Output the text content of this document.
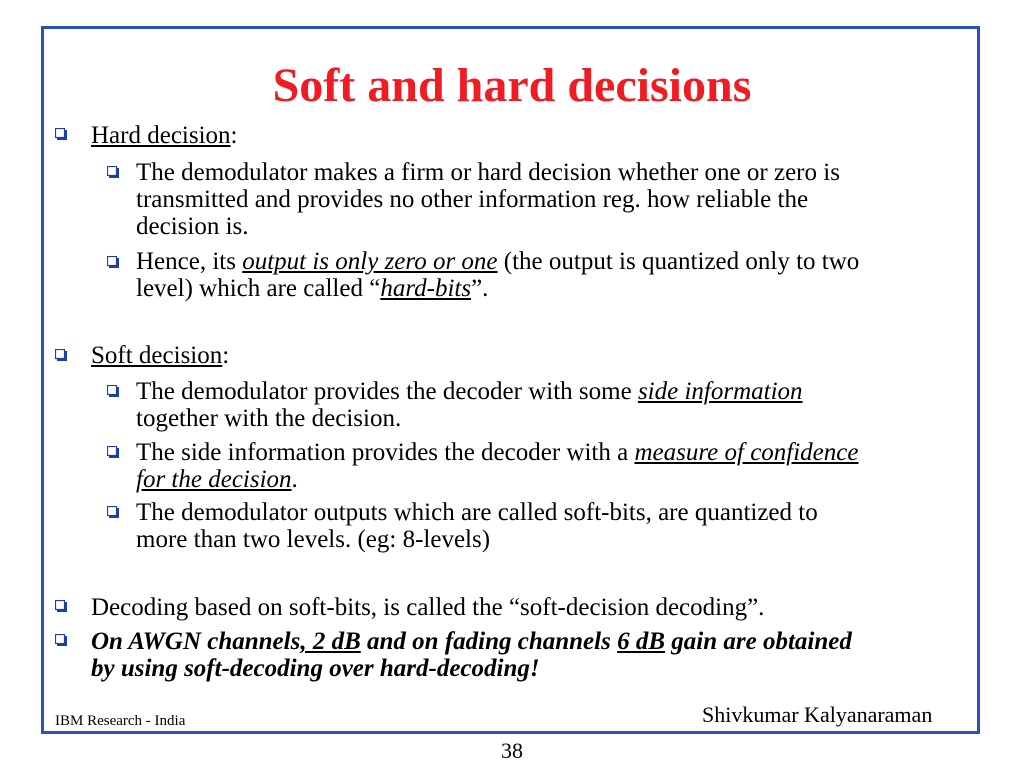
Soft and hard decisions
Hard decision:
The demodulator makes a firm or hard decision whether one or zero is
transmitted and provides no other information reg. how reliable the
decision is.
Hence, its output is only zero or one (the output is quantized only to two
level) which are called “hard-bits”.
Soft decision:
The demodulator provides the decoder with some side information
together with the decision.
The side information provides the decoder with a measure of confidence
for the decision.
The demodulator outputs which are called soft-bits, are quantized to
more than two levels. (eg: 8-levels)
Decoding based on soft-bits, is called the “soft-decision decoding”.
On AWGN channels, 2 dB and on fading channels 6 dB gain are obtained
by using soft-decoding over hard-decoding!
IBM Research - India	Shivkumar Kalyanaraman
38
